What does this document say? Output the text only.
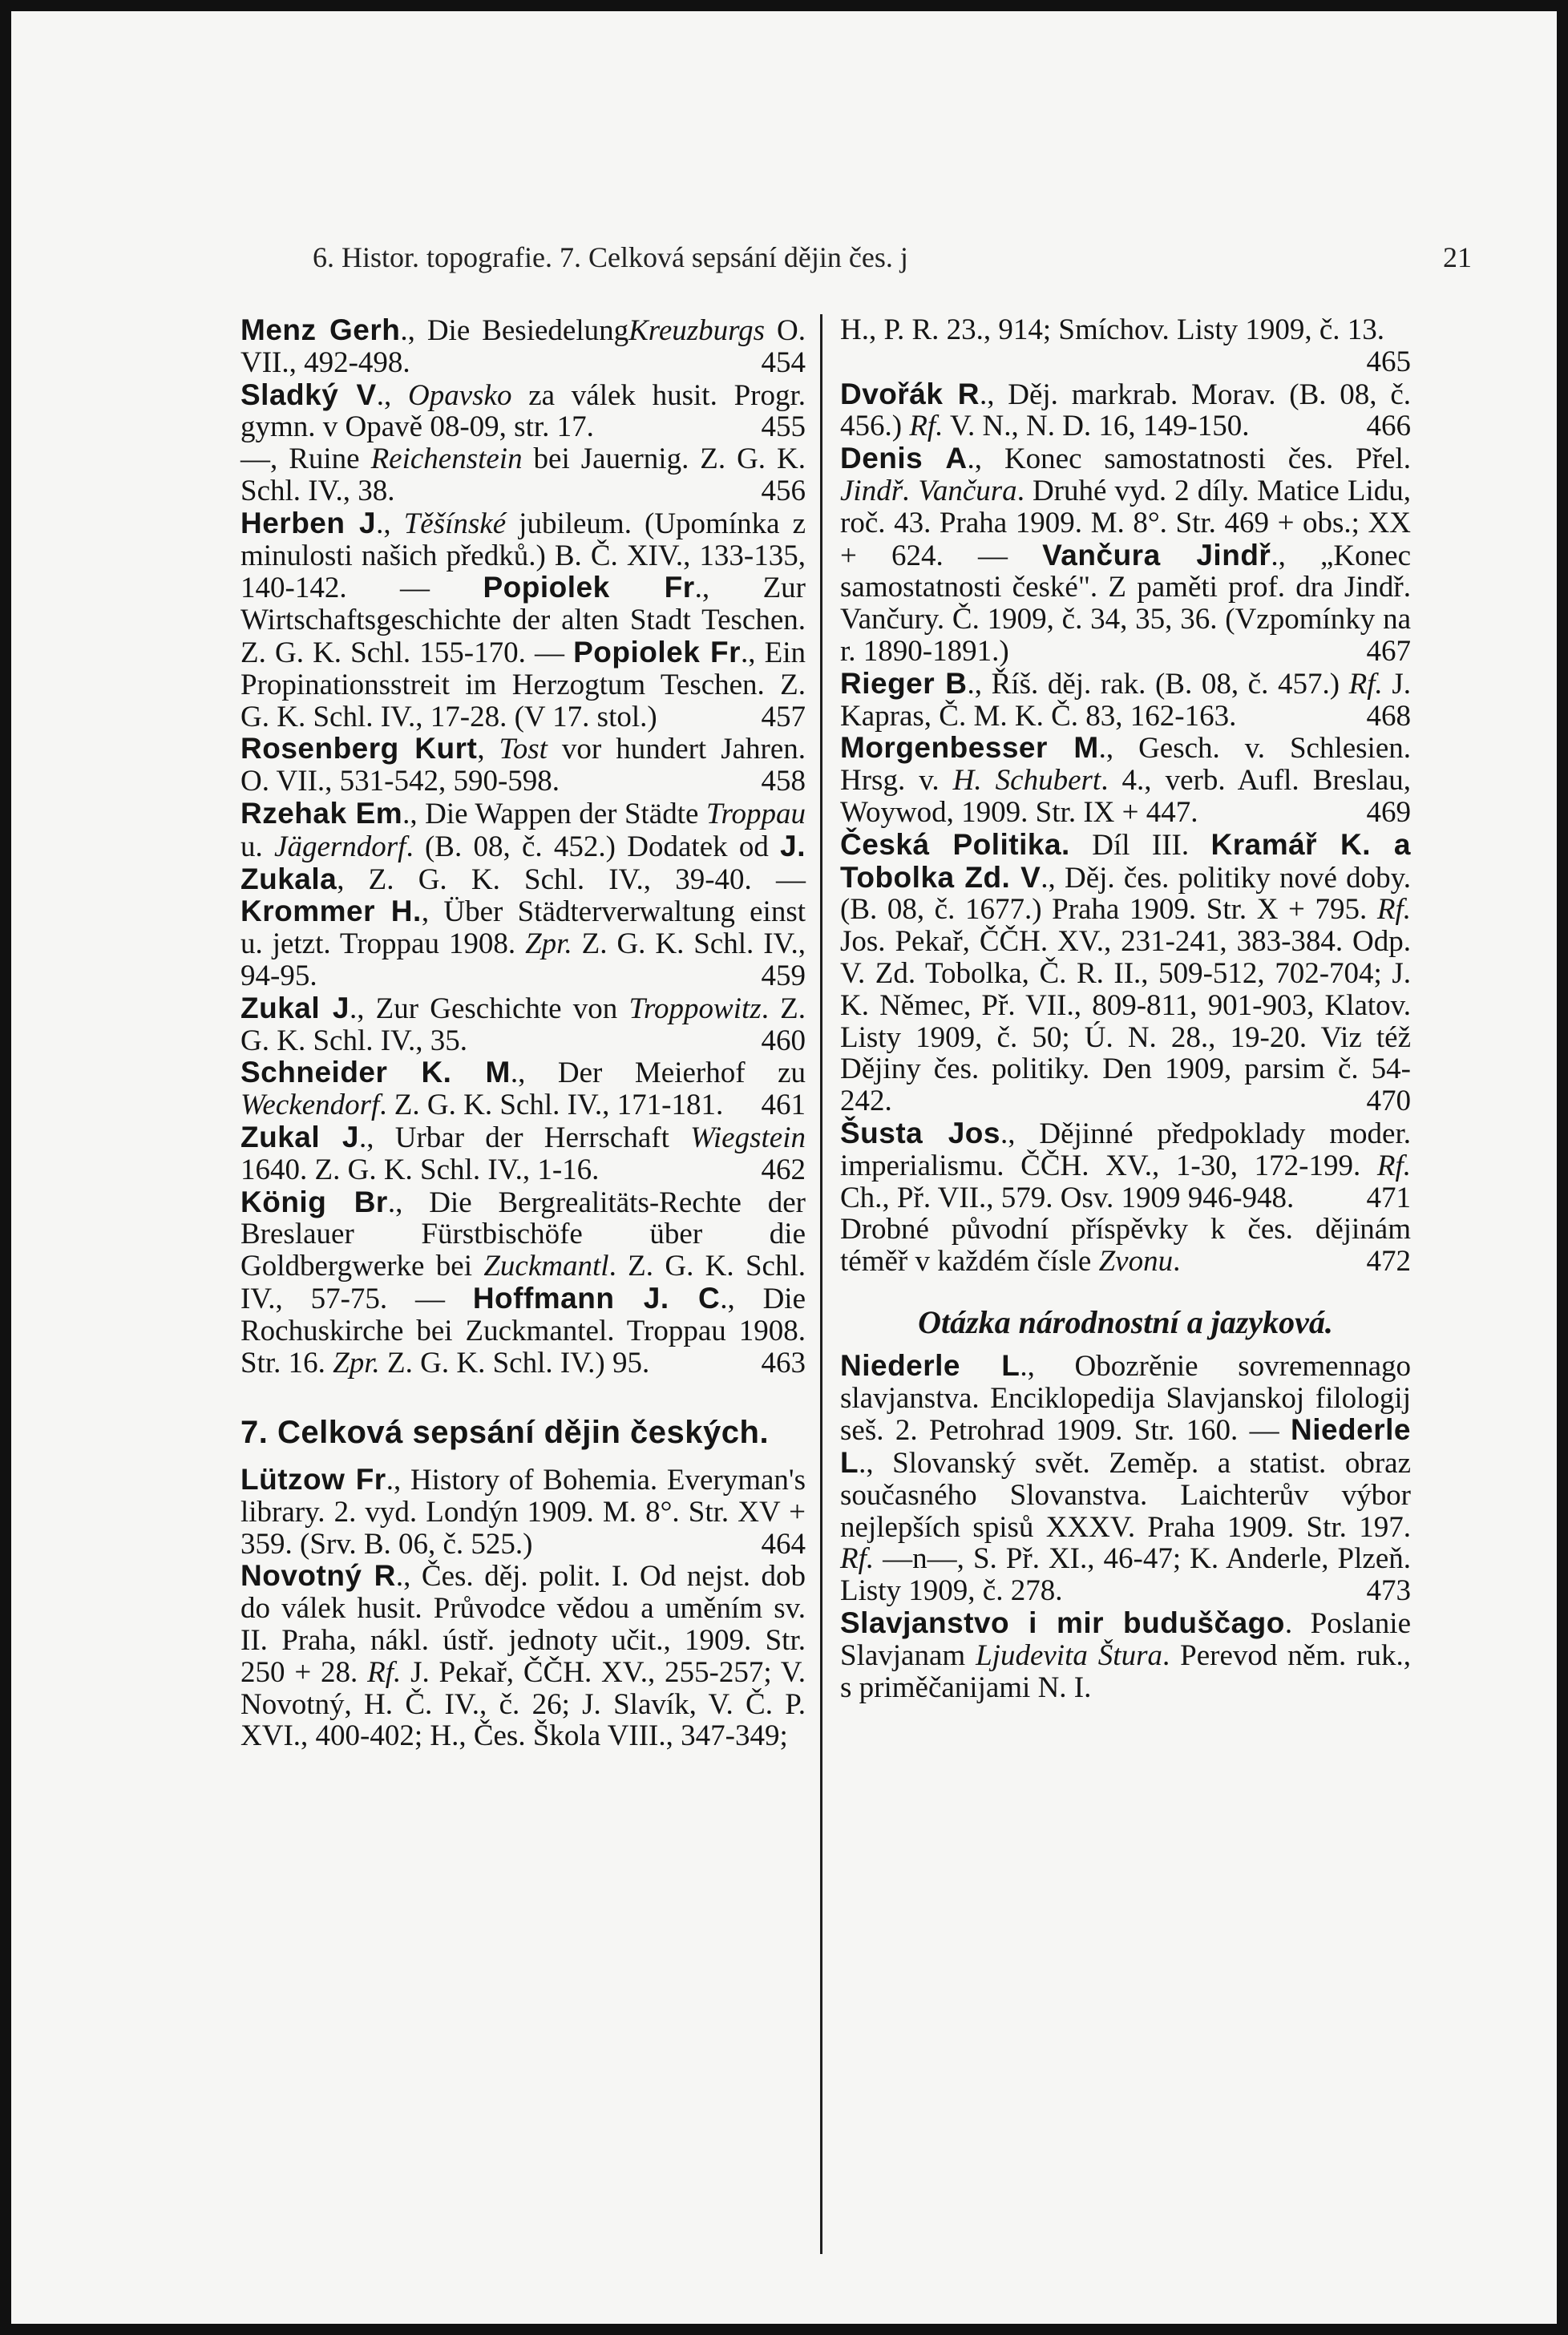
6. Histor. topografie. 7. Celková sepsání dějin čes. j	21

Menz Gerh., Die BesiedelungKreuzburgs O. VII., 492-498.	454

Sladký V., Opavsko za válek husit. Progr. gymn. v Opavě 08-09, str. 17.	455

—, Ruine Reichenstein bei Jauernig. Z. G. K. Schl. IV., 38.	456

Herben J., Těšínské jubileum. (Upomínka z minulosti našich předků.) B. Č. XIV., 133-135, 140-142. — Popiolek Fr., Zur Wirtschaftsgeschichte der alten Stadt Teschen. Z. G. K. Schl. 155-170. — Popiolek Fr., Ein Propinationsstreit im Herzogtum Teschen. Z. G. K. Schl. IV., 17-28. (V 17. stol.)	457

Rosenberg Kurt, Tost vor hundert Jahren. O. VII., 531-542, 590-598.	458

Rzehak Em., Die Wappen der Städte Troppau u. Jägerndorf. (B. 08, č. 452.) Dodatek od J. Zukala, Z. G. K. Schl. IV., 39-40. — Krommer H., Über Städterverwaltung einst u. jetzt. Troppau 1908. Zpr. Z. G. K. Schl. IV., 94-95.	459

Zukal J., Zur Geschichte von Troppowitz. Z. G. K. Schl. IV., 35.	460

Schneider K. M., Der Meierhof zu Weckendorf. Z. G. K. Schl. IV., 171-181. 461

Zukal J., Urbar der Herrschaft Wiegstein 1640. Z. G. K. Schl. IV., 1-16.	462

König Br., Die Bergrealitäts-Rechte der Breslauer Fürstbischöfe über die Goldbergwerke bei Zuckmantl. Z. G. K. Schl. IV., 57-75. — Hoffmann J. C., Die Rochuskirche bei Zuckmantel. Troppau 1908. Str. 16. Zpr. Z. G. K. Schl. IV.) 95.	463

7. Celková sepsání dějin českých.

Lützow Fr., History of Bohemia. Everyman's library. 2. vyd. Londýn 1909. M. 8°. Str. XV + 359. (Srv. B. 06, č. 525.)	464

Novotný R., Čes. děj. polit. I. Od nejst. dob do válek husit. Průvodce vědou a uměním sv. II. Praha, nákl. ústř. jednoty učit., 1909. Str. 250 + 28. Rf. J. Pekař, ČČH. XV., 255-257; V. Novotný, H. Č. IV., č. 26; J. Slavík, V. Č. P. XVI., 400-402; H., Čes. Škola VIII., 347-349;

H., P. R. 23., 914; Smíchov. Listy 1909, č. 13.
465

Dvořák R., Děj. markrab. Morav. (B. 08, č. 456.) Rf. V. N., N. D. 16, 149-150.	466

Denis A., Konec samostatnosti čes. Přel. Jindř. Vančura. Druhé vyd. 2 díly. Matice Lidu, roč. 43. Praha 1909. M. 8°. Str. 469 + obs.; XX + 624. — Vančura Jindř., „Konec samostatnosti české". Z paměti prof. dra Jindř. Vančury. Č. 1909, č. 34, 35, 36. (Vzpomínky na r. 1890-1891.)	467

Rieger B., Říš. děj. rak. (B. 08, č. 457.) Rf. J. Kapras, Č. M. K. Č. 83, 162-163.	468

Morgenbesser M., Gesch. v. Schlesien. Hrsg. v. H. Schubert. 4., verb. Aufl. Breslau, Woywod, 1909. Str. IX + 447.	469

Česká Politika. Díl III. Kramář K. a Tobolka Zd. V., Děj. čes. politiky nové doby. (B. 08, č. 1677.) Praha 1909. Str. X + 795. Rf. Jos. Pekař, ČČH. XV., 231-241, 383-384. Odp. V. Zd. Tobolka, Č. R. II., 509-512, 702-704; J. K. Němec, Př. VII., 809-811, 901-903, Klatov. Listy 1909, č. 50; Ú. N. 28., 19-20. Viz též Dějiny čes. politiky. Den 1909, parsim č. 54-242.	470

Šusta Jos., Dějinné předpoklady moder. imperialismu. ČČH. XV., 1-30, 172-199. Rf. Ch., Př. VII., 579. Osv. 1909 946-948. 471

Drobné původní příspěvky k čes. dějinám téměř v každém čísle Zvonu.	472

Otázka národnostní a jazyková.

Niederle L., Obozrěnie sovremennago slavjanstva. Enciklopedija Slavjanskoj filologij seš. 2. Petrohrad 1909. Str. 160. — Niederle L., Slovanský svět. Zeměp. a statist. obraz současného Slovanstva. Laichterův výbor nejlepších spisů XXXV. Praha 1909. Str. 197. Rf. —n—, S. Př. XI., 46-47; K. Anderle, Plzeň. Listy 1909, č. 278.	473

Slavjanstvo i mir buduščago. Poslanie Slavjanam Ljudevita Štura. Perevod něm. ruk., s priměčanijami N. I.
